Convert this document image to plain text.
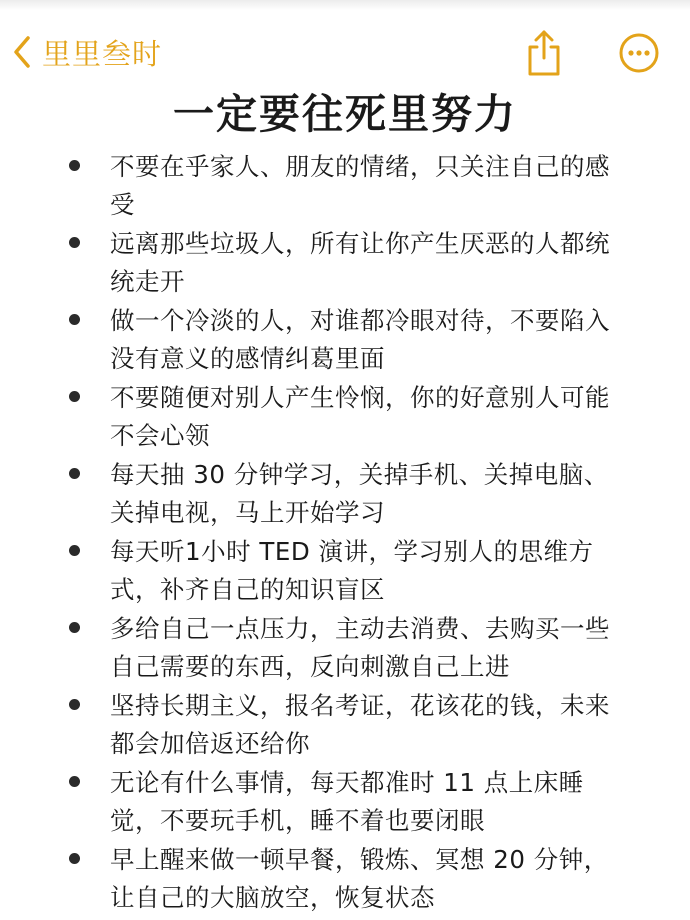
里里叁时
一定要往死里努力
不要在乎家人、朋友的情绪，只关注自己的感受
远离那些垃圾人，所有让你产生厌恶的人都统统走开
做一个冷淡的人，对谁都冷眼对待，不要陷入没有意义的感情纠葛里面
不要随便对别人产生怜悯，你的好意别人可能不会心领
每天抽 30 分钟学习，关掉手机、关掉电脑、关掉电视，马上开始学习
每天听1小时 TED 演讲，学习别人的思维方式，补齐自己的知识盲区
多给自己一点压力，主动去消费、去购买一些自己需要的东西，反向刺激自己上进
坚持长期主义，报名考证，花该花的钱，未来都会加倍返还给你
无论有什么事情，每天都准时 11 点上床睡觉，不要玩手机，睡不着也要闭眼
早上醒来做一顿早餐，锻炼、冥想 20 分钟，让自己的大脑放空，恢复状态
